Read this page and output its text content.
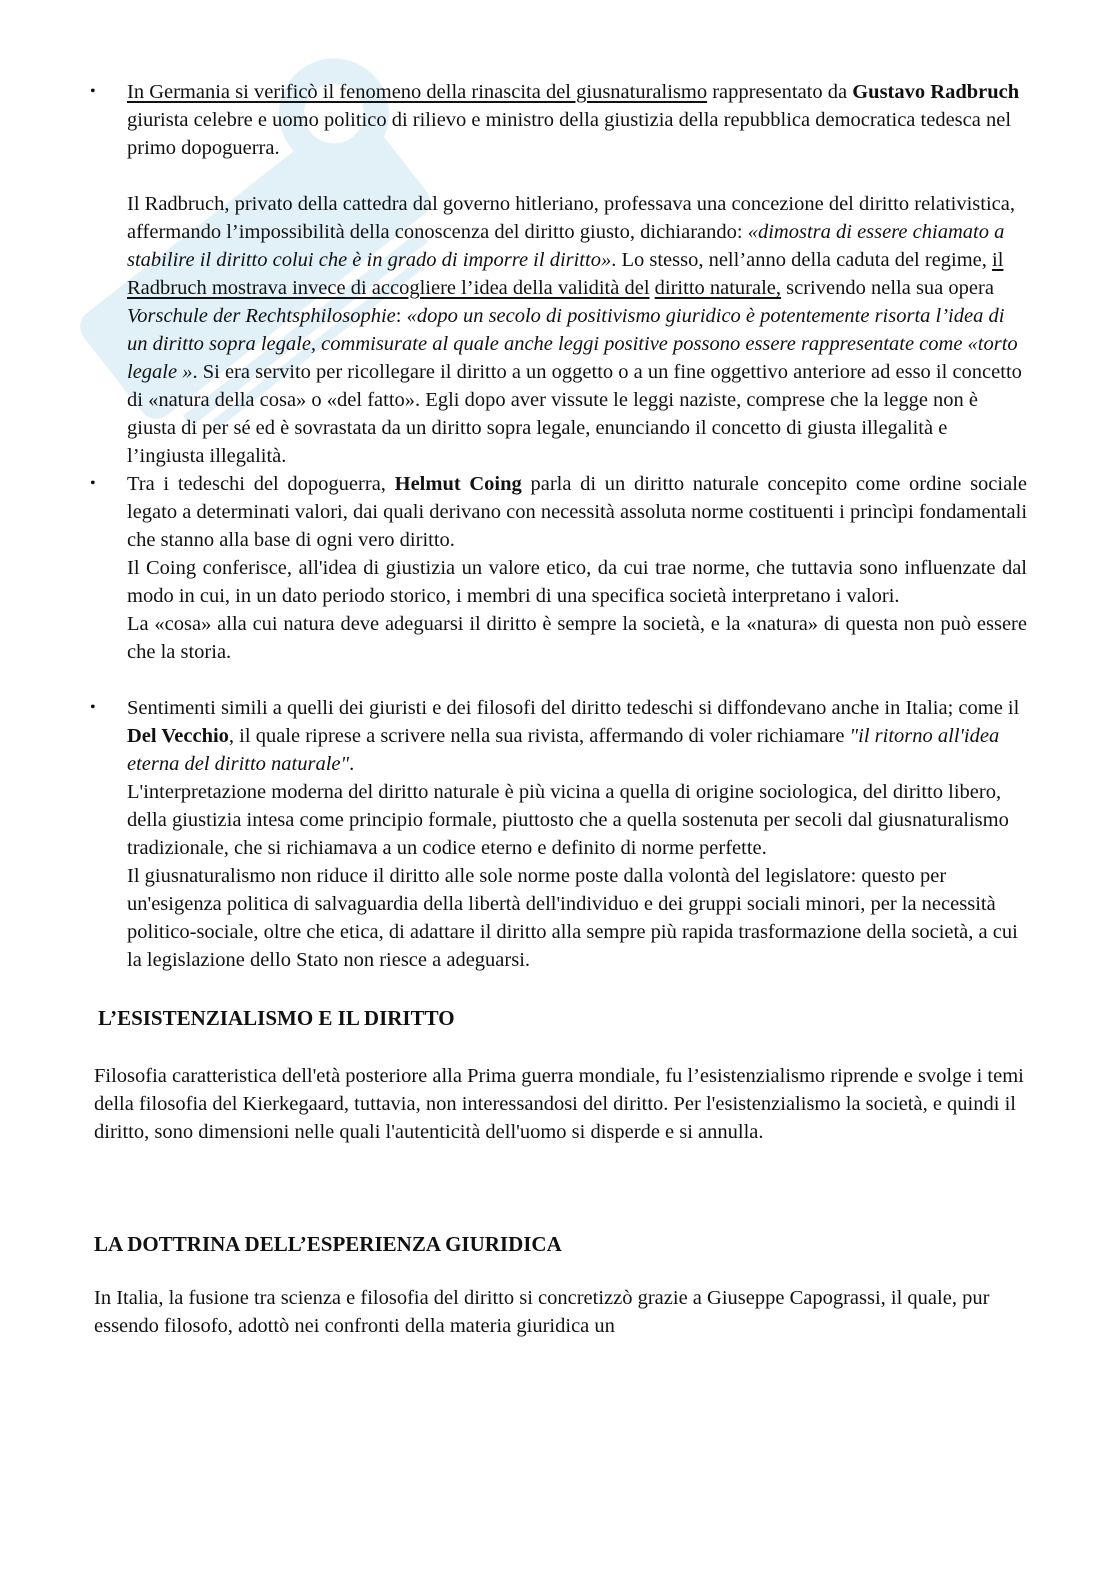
• In Germania si verificò il fenomeno della rinascita del giusnaturalismo rappresentato da Gustavo Radbruch giurista celebre e uomo politico di rilievo e ministro della giustizia della repubblica democratica tedesca nel primo dopoguerra.

Il Radbruch, privato della cattedra dal governo hitleriano, professava una concezione del diritto relativistica, affermando l’impossibilità della conoscenza del diritto giusto, dichiarando: «dimostra di essere chiamato a stabilire il diritto colui che è in grado di imporre il diritto». Lo stesso, nell’anno della caduta del regime, il Radbruch mostrava invece di accogliere l’idea della validità del diritto naturale, scrivendo nella sua opera Vorschule der Rechtsphilosophie: «dopo un secolo di positivismo giuridico è potentemente risorta l’idea di un diritto sopra legale, commisurate al quale anche leggi positive possono essere rappresentate come «torto legale ». Si era servito per ricollegare il diritto a un oggetto o a un fine oggettivo anteriore ad esso il concetto di «natura della cosa» o «del fatto». Egli dopo aver vissute le leggi naziste, comprese che la legge non è giusta di per sé ed è sovrastata da un diritto sopra legale, enunciando il concetto di giusta illegalità e l’ingiusta illegalità.

• Tra i tedeschi del dopoguerra, Helmut Coing parla di un diritto naturale concepito come ordine sociale legato a determinati valori, dai quali derivano con necessità assoluta norme costituenti i princìpi fondamentali che stanno alla base di ogni vero diritto.

Il Coing conferisce, all'idea di giustizia un valore etico, da cui trae norme, che tuttavia sono influenzate dal modo in cui, in un dato periodo storico, i membri di una specifica società interpretano i valori.

La «cosa» alla cui natura deve adeguarsi il diritto è sempre la società, e la «natura» di questa non può essere che la storia.

• Sentimenti simili a quelli dei giuristi e dei filosofi del diritto tedeschi si diffondevano anche in Italia; come il Del Vecchio, il quale riprese a scrivere nella sua rivista, affermando di voler richiamare "il ritorno all'idea eterna del diritto naturale".

L'interpretazione moderna del diritto naturale è più vicina a quella di origine sociologica, del diritto libero, della giustizia intesa come principio formale, piuttosto che a quella sostenuta per secoli dal giusnaturalismo tradizionale, che si richiamava a un codice eterno e definito di norme perfette.

Il giusnaturalismo non riduce il diritto alle sole norme poste dalla volontà del legislatore: questo per un'esigenza politica di salvaguardia della libertà dell'individuo e dei gruppi sociali minori, per la necessità politico-sociale, oltre che etica, di adattare il diritto alla sempre più rapida trasformazione della società, a cui la legislazione dello Stato non riesce a adeguarsi.

L’ESISTENZIALISMO E IL DIRITTO

Filosofia caratteristica dell'età posteriore alla Prima guerra mondiale, fu l’esistenzialismo riprende e svolge i temi della filosofia del Kierkegaard, tuttavia, non interessandosi del diritto. Per l'esistenzialismo la società, e quindi il diritto, sono dimensioni nelle quali l'autenticità dell'uomo si disperde e si annulla.

LA DOTTRINA DELL’ESPERIENZA GIURIDICA

In Italia, la fusione tra scienza e filosofia del diritto si concretizzò grazie a Giuseppe Capograssi, il quale, pur essendo filosofo, adottò nei confronti della materia giuridica un
